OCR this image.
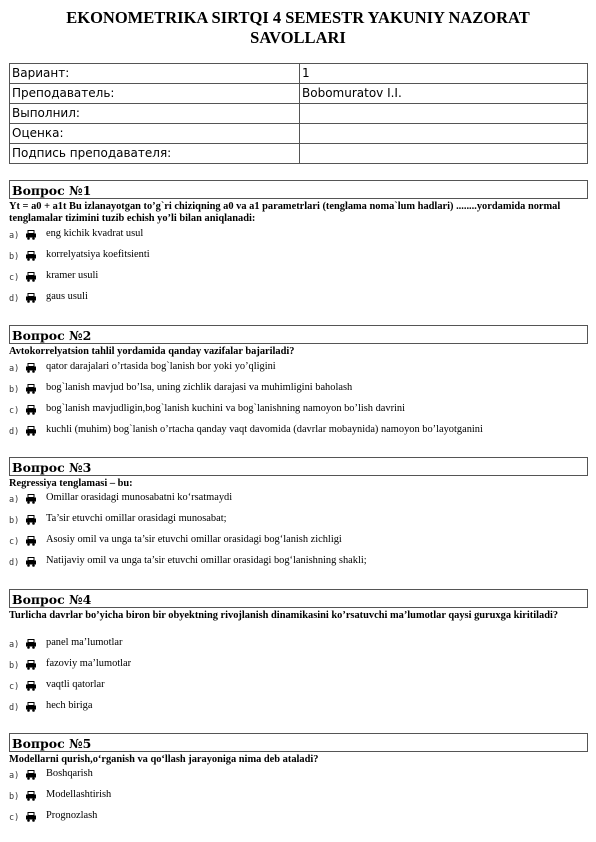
EKONOMETRIKA SIRTQI 4 SEMESTR YAKUNIY NAZORAT
SAVOLLARI
Вариант:	1
Преподаватель:	Bobomuratov I.I.
Выполнил:	
Оценка:	
Подпись преподавателя:	
Вопрос №1
Yt = a0 + a1t Bu izlanayotgan to’g`ri chiziqning a0 va a1 parametrlari (tenglama noma`lum hadlari) ........yordamida normal tenglamalar tizimini tuzib echish yo’li bilan aniqlanadi:
a)	eng kichik kvadrat usul
b)	korrelyatsiya koefitsienti
c)	kramer usuli
d)	gaus usuli
Вопрос №2
Avtokorrelyatsion tahlil yordamida qanday vazifalar bajariladi?
a)	qator darajalari o’rtasida bog`lanish bor yoki yo’qligini
b)	bog`lanish mavjud bo’lsa, uning zichlik darajasi va muhimligini baholash
c)	bog`lanish mavjudligin,bog`lanish kuchini va bog`lanishning namoyon bo’lish davrini
d)	kuchli (muhim) bog`lanish o’rtacha qanday vaqt davomida (davrlar mobaynida) namoyon bo’layotganini
Вопрос №3
Regressiya tenglamasi – bu:
a)	Omillar orasidagi munosabatni ko‘rsatmaydi
b)	Ta’sir etuvchi omillar orasidagi munosabat;
c)	Asosiy omil va unga ta’sir etuvchi omillar orasidagi bog‘lanish zichligi
d)	Natijaviy omil va unga ta’sir etuvchi omillar orasidagi bog‘lanishning shakli;
Вопрос №4
Turlicha davrlar bo’yicha biron bir obyektning rivojlanish dinamikasini ko’rsatuvchi ma’lumotlar qaysi guruxga kiritiladi?
a)	panel ma’lumotlar
b)	fazoviy ma’lumotlar
c)	vaqtli qatorlar
d)	hech biriga
Вопрос №5
Modellarni qurish,o‘rganish va qo‘llash jarayoniga nima deb ataladi?
a)	Boshqarish
b)	Modellashtirish
c)	Prognozlash
